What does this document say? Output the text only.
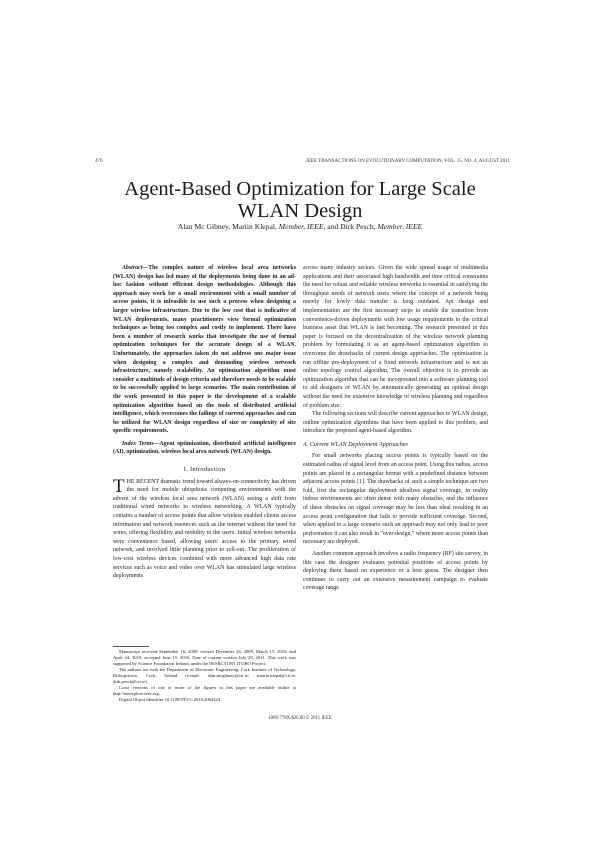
470	IEEE TRANSACTIONS ON EVOLUTIONARY COMPUTATION, VOL. 15, NO. 4, AUGUST 2011
Agent-Based Optimization for Large Scale
WLAN Design
Alan Mc Gibney, Martin Klepal, Member, IEEE, and Dirk Pesch, Member, IEEE

Abstract—The complex nature of wireless local area networks (WLAN) design has led many of the deployments being done in an ad-hoc fashion without efficient design methodologies. Although this approach may work for a small environment with a small number of access points, it is infeasible to use such a process when designing a larger wireless infrastructure. Due to the low cost that is indicative of WLAN deployments, many practitioners view formal optimization techniques as being too complex and costly to implement. There have been a number of research works that investigate the use of formal optimization techniques for the accurate design of a WLAN. Unfortunately, the approaches taken do not address one major issue when designing a complex and demanding wireless network infrastructure, namely scalability. An optimization algorithm must consider a multitude of design criteria and therefore needs to be scalable to be successfully applied to large scenarios. The main contribution of the work presented in this paper is the development of a scalable optimization algorithm based on the tools of distributed artificial intelligence, which overcomes the failings of current approaches and can be utilized for WLAN design regardless of size or complexity of site specific requirements.

Index Terms—Agent optimization, distributed artificial intelligence (AI), optimization, wireless local area network (WLAN) design.

I. Introduction

THE RECENT dramatic trend toward always-on-connectivity has driven the need for mobile ubiquitous computing environments with the advent of the wireless local area network (WLAN) seeing a shift from traditional wired networks to wireless networking. A WLAN typically contains a number of access points that allow wireless enabled clients access information and network resources such as the internet without the need for wires, offering flexibility and mobility to the users. Initial wireless networks were convenience based, allowing users' access to the primary wired network, and involved little planning prior to roll-out. The proliferation of low-cost wireless devices combined with more advanced high data rate services such as voice and video over WLAN has stimulated large wireless deployments

Manuscript received September 16, 2009; revised December 26, 2009, March 15, 2010, and April 24, 2010; accepted June 15, 2010. Date of current version July 29, 2011. This work was supported by Science Foundation Ireland, under the 06/SRC/I1091 ITOBO Project.

The authors are with the Department of Electronic Engineering, Cork Institute of Technology, Bishopstown, Cork, Ireland (e-mail: alan.mcgibney@cit.ie; martin.klepal@cit.ie; dirk.pesch@cit.ie).

Color versions of one or more of the figures in this paper are available online at http://ieeexplore.ieee.org.

Digital Object Identifier 10.1109/TEVC.2010.2064324

across many industry sectors. Given the wide spread usage of multimedia applications and their associated high bandwidth and time critical constraints the need for robust and reliable wireless networks is essential in satisfying the throughput needs of network users where the concept of a network being merely for lowly data transfer is long outdated. Apt design and implementation are the first necessary steps to enable the transition from convenience-driven deployments with low usage requirements to the critical business asset that WLAN is fast becoming. The research presented in this paper is focused on the decentralization of the wireless network planning problem by formulating it as an agent-based optimization algorithm to overcome the drawbacks of current design approaches. The optimization is run offline pre-deployment of a fixed network infrastructure and is not an online topology control algorithm. The overall objective is to provide an optimization algorithm that can be incorporated into a software planning tool to aid designers of WLAN by automatically generating an optimal design without the need for extensive knowledge of wireless planning and regardless of problem size.

The following sections will describe current approaches to WLAN design, outline optimization algorithms that have been applied to this problem, and introduce the proposed agent-based algorithm.

A. Current WLAN Deployment Approaches

For small networks placing access points is typically based on the estimated radius of signal level from an access point. Using this radius, access points are placed in a rectangular format with a predefined distance between adjacent access points [1]. The drawbacks of such a simple technique are two fold, first the rectangular deployment idealizes signal coverage, in reality indoor environments are often dense with many obstacles, and the influence of these obstacles on signal coverage may be less than ideal resulting in an access point configuration that fails to provide sufficient coverage. Second, when applied to a large scenario such an approach may not only lead to poor performance it can also result in "over-design," where more access points than necessary are deployed.

Another common approach involves a radio frequency (RF) site survey, in this case the designer evaluates potential positions of access points by deploying them based on experience or a best guess. The designer then continues to carry out an extensive measurement campaign to evaluate coverage range

1089-778X/$26.00 © 2011 IEEE
